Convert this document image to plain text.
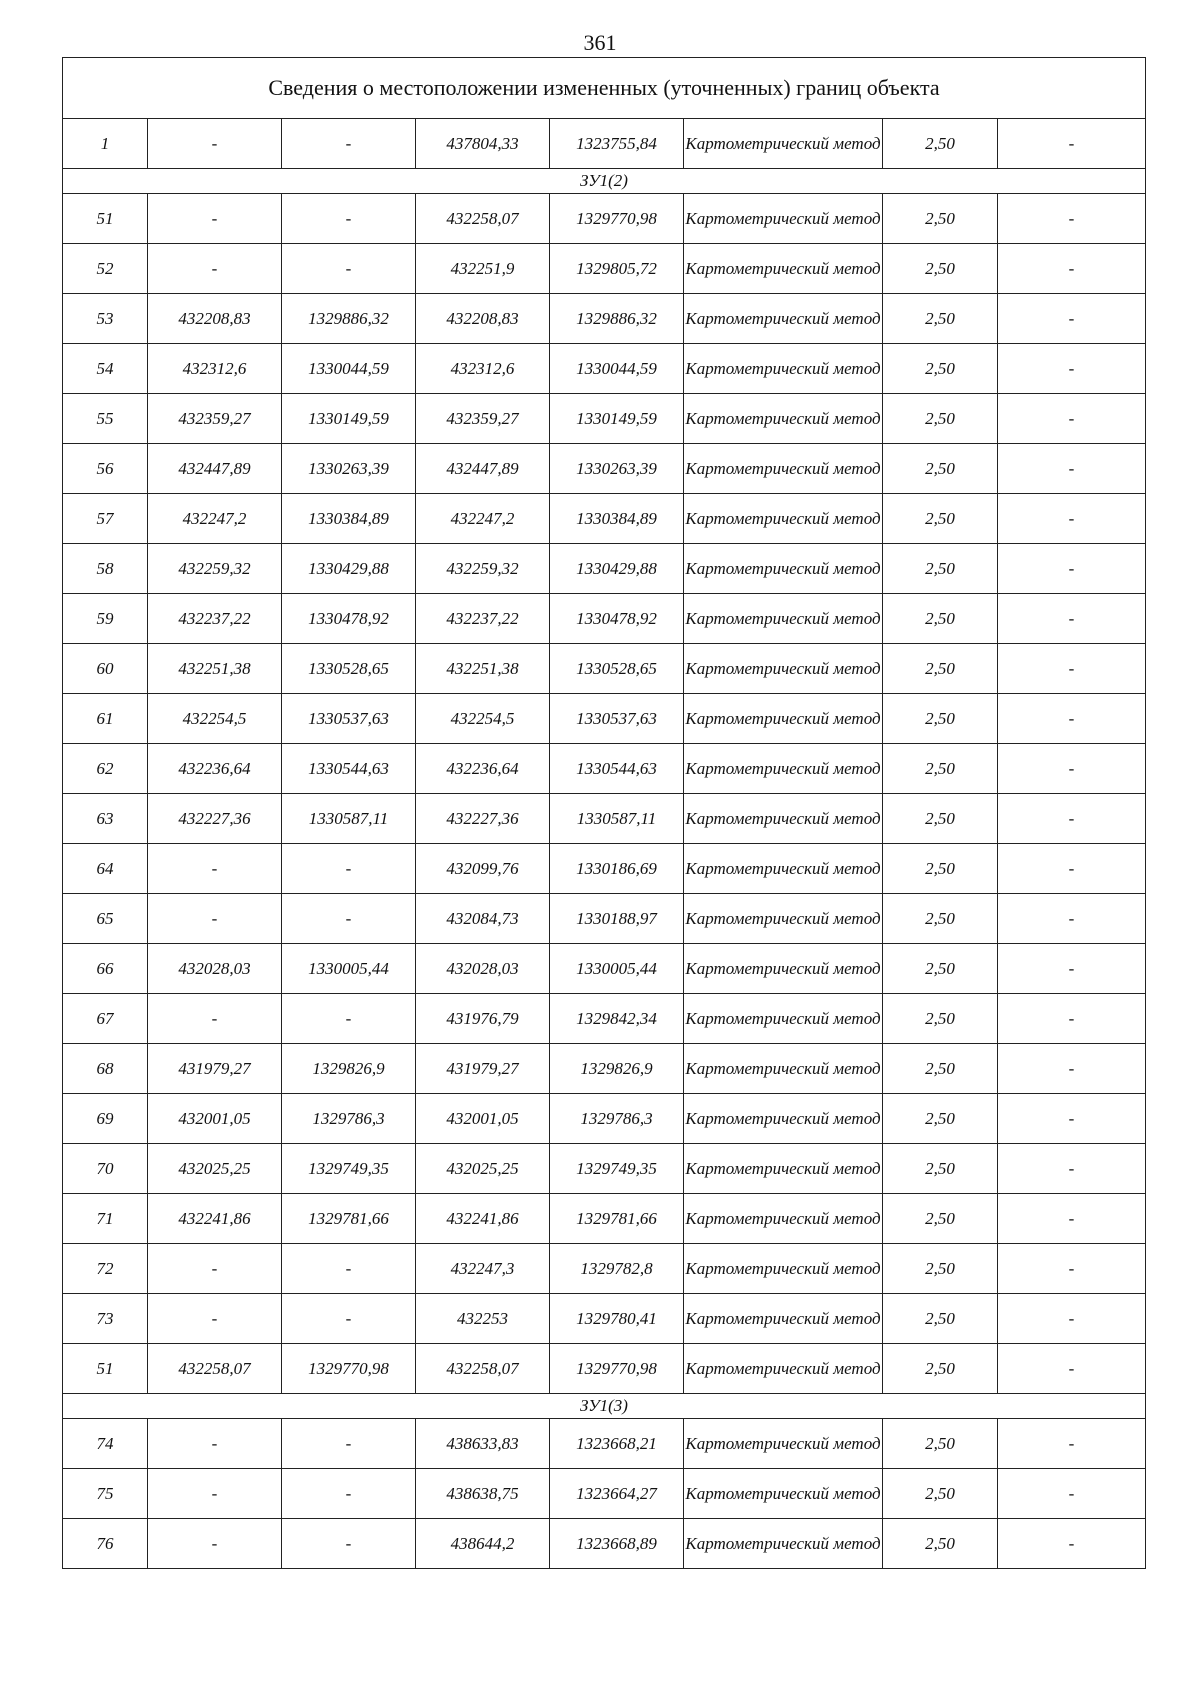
361
Сведения о местоположении измененных (уточненных) границ объекта							
1	-	-	437804,33	1323755,84	Картометрический метод	2,50	-
ЗУ1(2)							
51	-	-	432258,07	1329770,98	Картометрический метод	2,50	-
52	-	-	432251,9	1329805,72	Картометрический метод	2,50	-
53	432208,83	1329886,32	432208,83	1329886,32	Картометрический метод	2,50	-
54	432312,6	1330044,59	432312,6	1330044,59	Картометрический метод	2,50	-
55	432359,27	1330149,59	432359,27	1330149,59	Картометрический метод	2,50	-
56	432447,89	1330263,39	432447,89	1330263,39	Картометрический метод	2,50	-
57	432247,2	1330384,89	432247,2	1330384,89	Картометрический метод	2,50	-
58	432259,32	1330429,88	432259,32	1330429,88	Картометрический метод	2,50	-
59	432237,22	1330478,92	432237,22	1330478,92	Картометрический метод	2,50	-
60	432251,38	1330528,65	432251,38	1330528,65	Картометрический метод	2,50	-
61	432254,5	1330537,63	432254,5	1330537,63	Картометрический метод	2,50	-
62	432236,64	1330544,63	432236,64	1330544,63	Картометрический метод	2,50	-
63	432227,36	1330587,11	432227,36	1330587,11	Картометрический метод	2,50	-
64	-	-	432099,76	1330186,69	Картометрический метод	2,50	-
65	-	-	432084,73	1330188,97	Картометрический метод	2,50	-
66	432028,03	1330005,44	432028,03	1330005,44	Картометрический метод	2,50	-
67	-	-	431976,79	1329842,34	Картометрический метод	2,50	-
68	431979,27	1329826,9	431979,27	1329826,9	Картометрический метод	2,50	-
69	432001,05	1329786,3	432001,05	1329786,3	Картометрический метод	2,50	-
70	432025,25	1329749,35	432025,25	1329749,35	Картометрический метод	2,50	-
71	432241,86	1329781,66	432241,86	1329781,66	Картометрический метод	2,50	-
72	-	-	432247,3	1329782,8	Картометрический метод	2,50	-
73	-	-	432253	1329780,41	Картометрический метод	2,50	-
51	432258,07	1329770,98	432258,07	1329770,98	Картометрический метод	2,50	-
ЗУ1(3)							
74	-	-	438633,83	1323668,21	Картометрический метод	2,50	-
75	-	-	438638,75	1323664,27	Картометрический метод	2,50	-
76	-	-	438644,2	1323668,89	Картометрический метод	2,50	-
